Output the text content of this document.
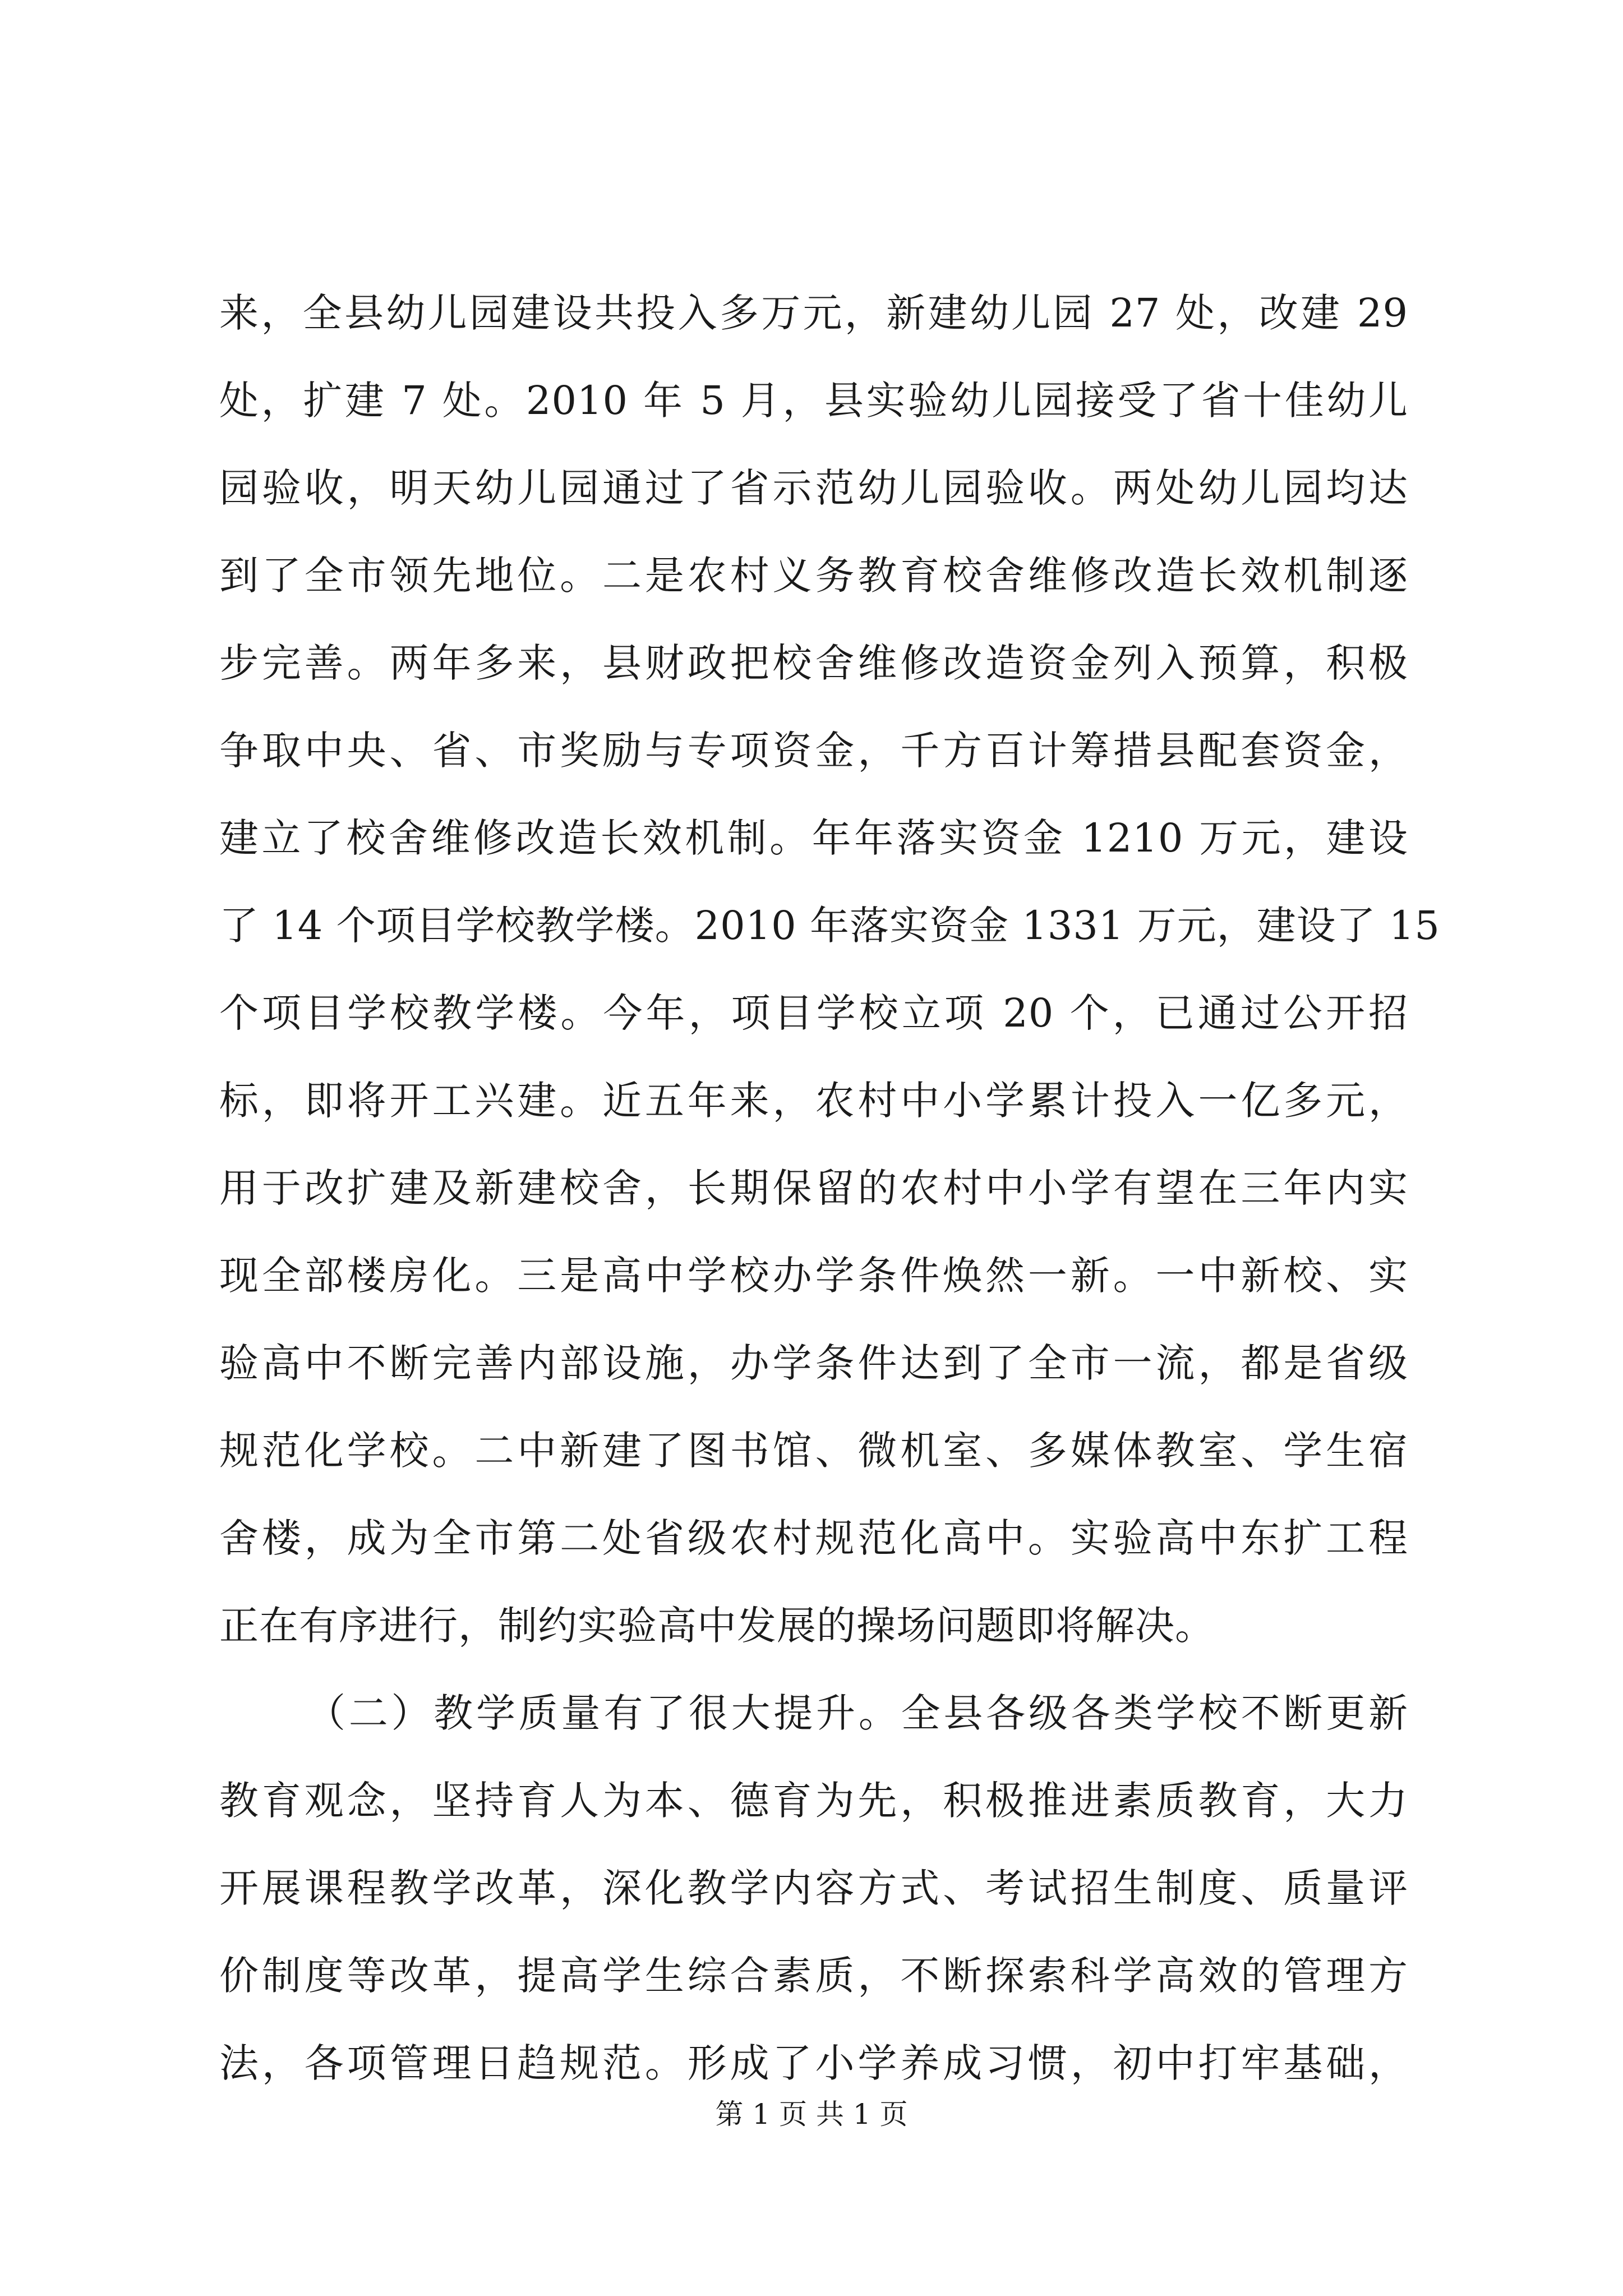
来，全县幼儿园建设共投入多万元，新建幼儿园 27 处，改建 29
处，扩建 7 处。2010 年 5 月，县实验幼儿园接受了省十佳幼儿
园验收，明天幼儿园通过了省示范幼儿园验收。两处幼儿园均达
到了全市领先地位。二是农村义务教育校舍维修改造长效机制逐
步完善。两年多来，县财政把校舍维修改造资金列入预算，积极
争取中央、省、市奖励与专项资金，千方百计筹措县配套资金，
建立了校舍维修改造长效机制。年年落实资金 1210 万元，建设
了 14 个项目学校教学楼。2010 年落实资金 1331 万元，建设了 15
个项目学校教学楼。今年，项目学校立项 20 个，已通过公开招
标，即将开工兴建。近五年来，农村中小学累计投入一亿多元，
用于改扩建及新建校舍，长期保留的农村中小学有望在三年内实
现全部楼房化。三是高中学校办学条件焕然一新。一中新校、实
验高中不断完善内部设施，办学条件达到了全市一流，都是省级
规范化学校。二中新建了图书馆、微机室、多媒体教室、学生宿
舍楼，成为全市第二处省级农村规范化高中。实验高中东扩工程
正在有序进行，制约实验高中发展的操场问题即将解决。
（二）教学质量有了很大提升。全县各级各类学校不断更新
教育观念，坚持育人为本、德育为先，积极推进素质教育，大力
开展课程教学改革，深化教学内容方式、考试招生制度、质量评
价制度等改革，提高学生综合素质，不断探索科学高效的管理方
法，各项管理日趋规范。形成了小学养成习惯，初中打牢基础，
第 1 页 共 1 页
